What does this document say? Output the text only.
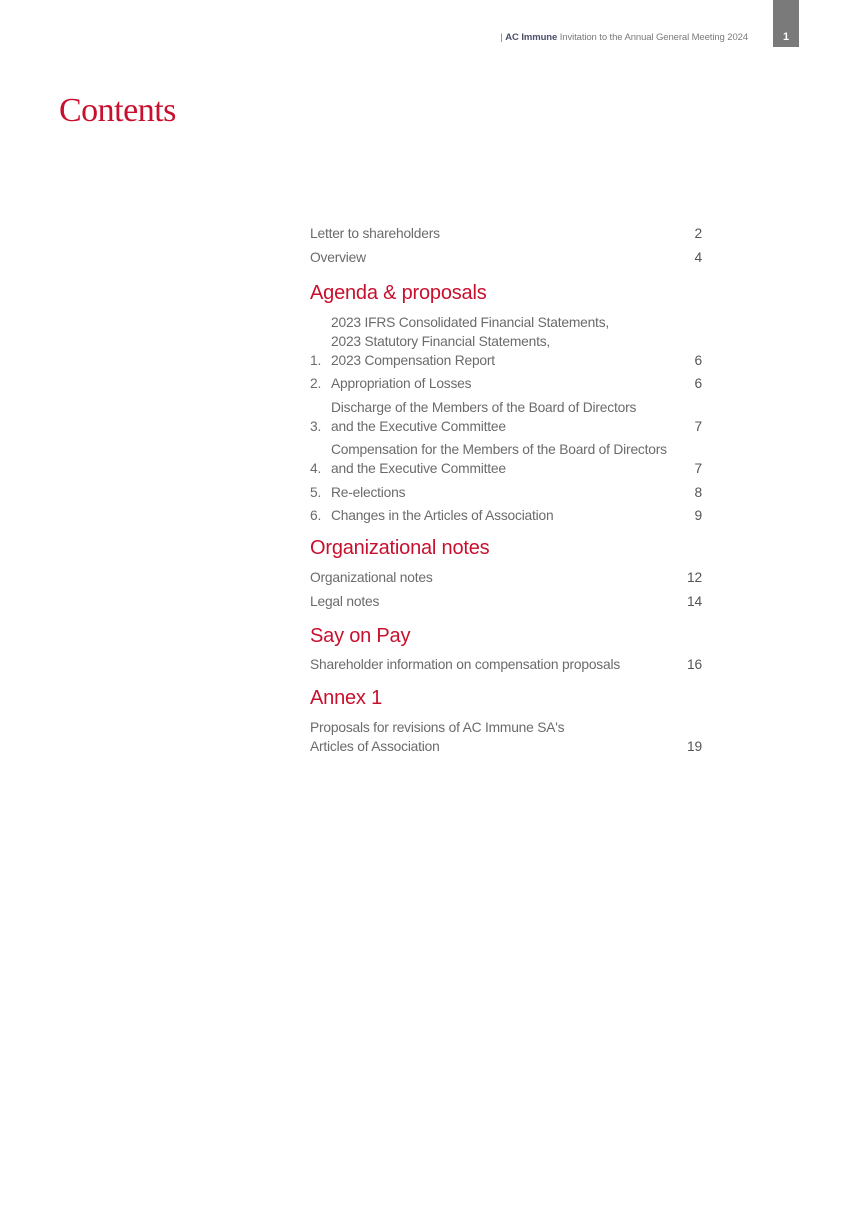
| AC Immune Invitation to the Annual General Meeting 2024	1
Contents
Letter to shareholders	2
Overview	4
Agenda & proposals
1.
2023 IFRS Consolidated Financial Statements,
2023 Statutory Financial Statements,
2023 Compensation Report	6
2. Appropriation of Losses	6
3.
Discharge of the Members of the Board of Directors
and the Executive Committee	7
4.
Compensation for the Members of the Board of Directors
and the Executive Committee	7
5. Re-elections	8
6. Changes in the Articles of Association	9
Organizational notes
Organizational notes	12
Legal notes	14
Say on Pay
Shareholder information on compensation proposals	16
Annex 1
Proposals for revisions of AC Immune SA's
Articles of Association	19
